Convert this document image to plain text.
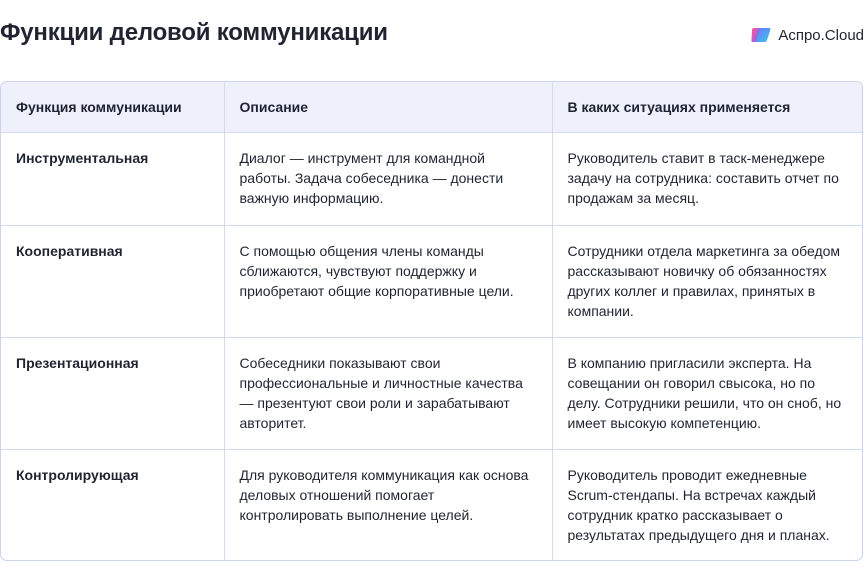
Функции деловой коммуникации	Аспро.Cloud
Функция коммуникации	Описание	В каких ситуациях применяется
Инструментальная	Диалог — инструмент для командной работы. Задача собеседника — донести важную информацию.	Руководитель ставит в таск-менеджере задачу на сотрудника: составить отчет по продажам за месяц.
Кооперативная	С помощью общения члены команды сближаются, чувствуют поддержку и приобретают общие корпоративные цели.	Сотрудники отдела маркетинга за обедом рассказывают новичку об обязанностях других коллег и правилах, принятых в компании.
Презентационная	Собеседники показывают свои профессиональные и личностные качества — презентуют свои роли и зарабатывают авторитет.	В компанию пригласили эксперта. На совещании он говорил свысока, но по делу. Сотрудники решили, что он сноб, но имеет высокую компетенцию.
Контролирующая	Для руководителя коммуникация как основа деловых отношений помогает контролировать выполнение целей.	Руководитель проводит ежедневные Scrum-стендапы. На встречах каждый сотрудник кратко рассказывает о результатах предыдущего дня и планах.
